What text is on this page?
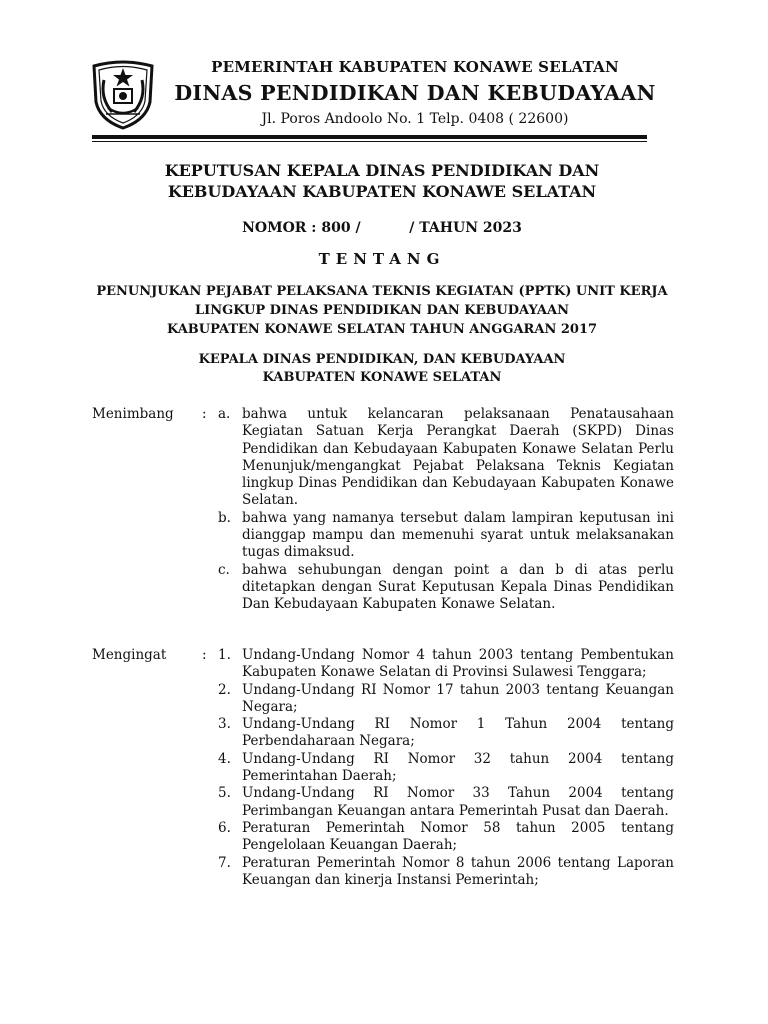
PEMERINTAH KABUPATEN KONAWE SELATAN
DINAS PENDIDIKAN DAN KEBUDAYAAN
Jl. Poros Andoolo No. 1 Telp. 0408 ( 22600)
KEPUTUSAN KEPALA DINAS PENDIDIKAN DAN
KEBUDAYAAN KABUPATEN KONAWE SELATAN
NOMOR : 800 /          / TAHUN 2023
TENTANG
PENUNJUKAN PEJABAT PELAKSANA TEKNIS KEGIATAN (PPTK) UNIT KERJA
LINGKUP DINAS PENDIDIKAN DAN KEBUDAYAAN
KABUPATEN KONAWE SELATAN TAHUN ANGGARAN 2017
KEPALA DINAS PENDIDIKAN, DAN KEBUDAYAAN
KABUPATEN KONAWE SELATAN
Menimbang	: a. bahwa untuk kelancaran pelaksanaan Penatausahaan Kegiatan Satuan Kerja Perangkat Daerah (SKPD) Dinas Pendidikan dan Kebudayaan Kabupaten Konawe Selatan Perlu Menunjuk/mengangkat Pejabat Pelaksana Teknis Kegiatan lingkup Dinas Pendidikan dan Kebudayaan Kabupaten Konawe Selatan.
b. bahwa yang namanya tersebut dalam lampiran keputusan ini dianggap mampu dan memenuhi syarat untuk melaksanakan tugas dimaksud.
c. bahwa sehubungan dengan point a dan b di atas perlu ditetapkan dengan Surat Keputusan Kepala Dinas Pendidikan Dan Kebudayaan Kabupaten Konawe Selatan.
Mengingat	: 1. Undang-Undang Nomor 4 tahun 2003 tentang Pembentukan Kabupaten Konawe Selatan di Provinsi Sulawesi Tenggara;
2. Undang-Undang RI Nomor 17 tahun 2003 tentang Keuangan Negara;
3. Undang-Undang RI Nomor 1 Tahun 2004 tentang Perbendaharaan Negara;
4. Undang-Undang RI Nomor 32 tahun 2004 tentang Pemerintahan Daerah;
5. Undang-Undang RI Nomor 33 Tahun 2004 tentang Perimbangan Keuangan antara Pemerintah Pusat dan Daerah.
6. Peraturan Pemerintah Nomor 58 tahun 2005 tentang Pengelolaan Keuangan Daerah;
7. Peraturan Pemerintah Nomor 8 tahun 2006 tentang Laporan Keuangan dan kinerja Instansi Pemerintah;
